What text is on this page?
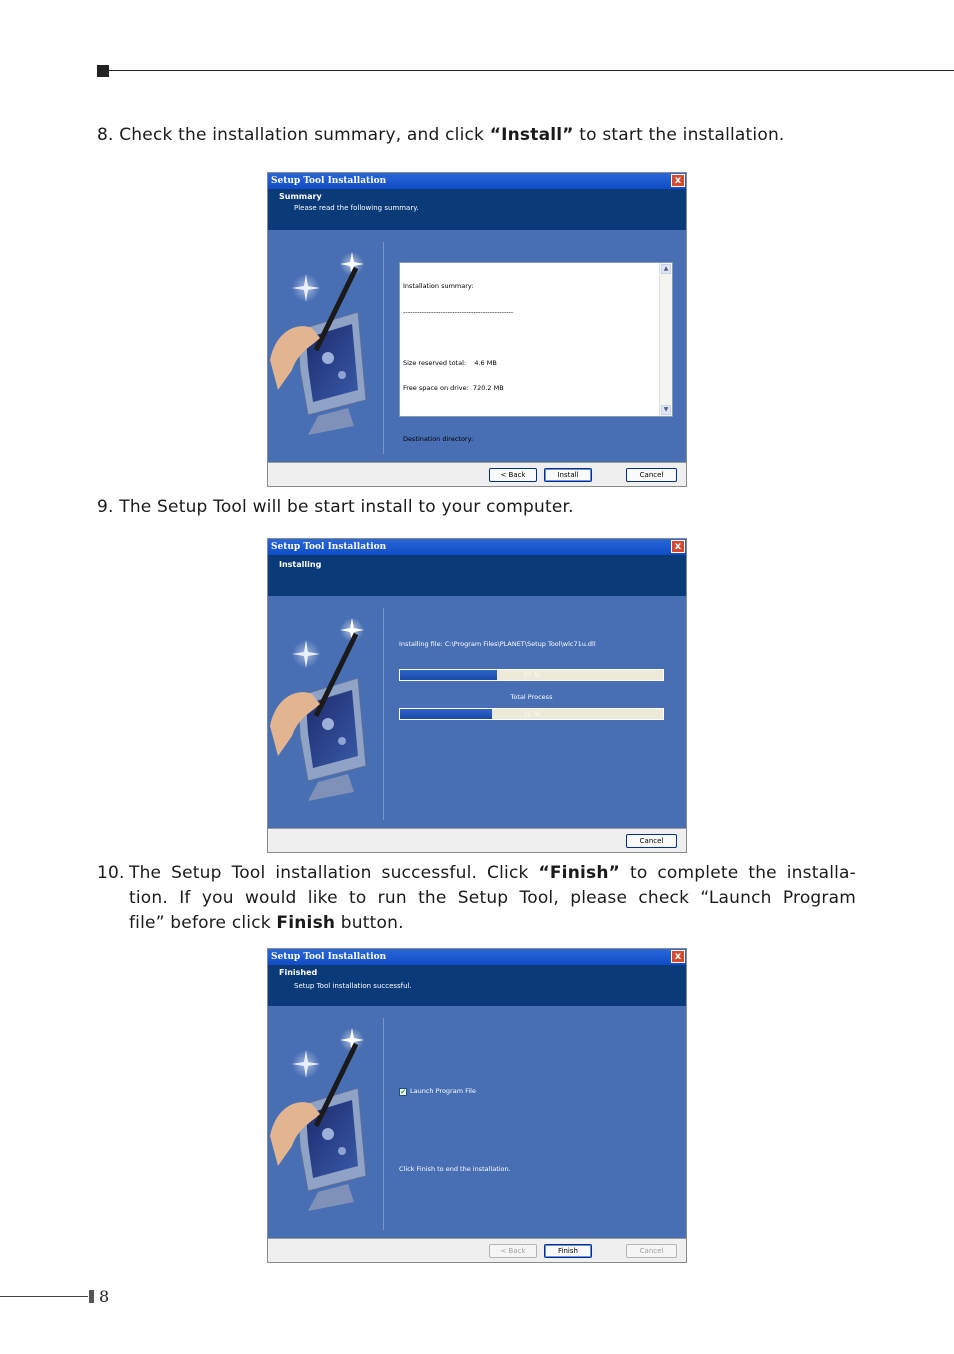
8. Check the installation summary, and click “Install” to start the installation.
Setup Tool Installation	x
Summary
Please read the following summary.

Installation summary:

-----------------------------------------------

Size reserved total:    4.6 MB

Free space on drive:  720.2 MB

Destination directory:

▲
▼
< Back	Install	Cancel
9. The Setup Tool will be start install to your computer.
Setup Tool Installation	x
Installing
Installing file: C:\Program Files\PLANET\Setup Tool\wlc71u.dll
37 %
Total Process
35 %
Cancel
10. The Setup Tool installation successful. Click “Finish” to complete the installa-
tion. If you would like to run the Setup Tool, please check “Launch Program
file” before click Finish button.
Setup Tool Installation	x
Finished
Setup Tool installation successful.
✔ Launch Program File
Click Finish to end the installation.
< Back	Finish	Cancel
8
